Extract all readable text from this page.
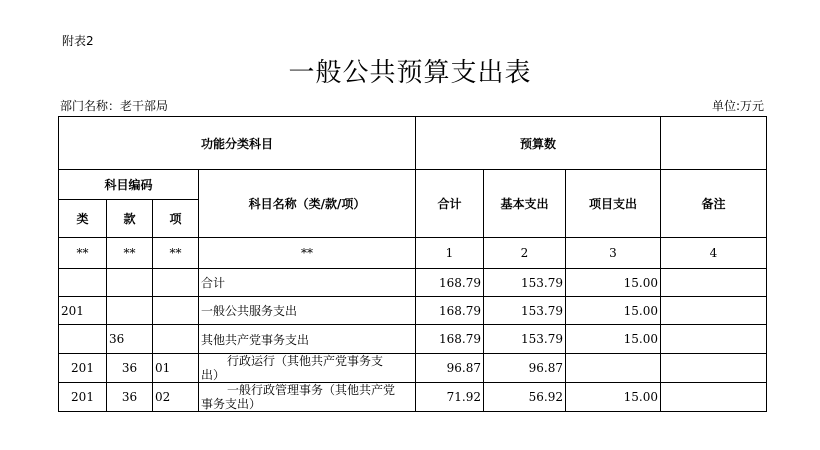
附表2
一般公共预算支出表
部门名称：老干部局	单位:万元
功能分类科目				预算数			
科目编码			科目名称（类/款/项）	合计	基本支出	项目支出	备注
类	款	项					
**	**	**	**	1	2	3	4
			合计	168.79	153.79	15.00	
201			一般公共服务支出	168.79	153.79	15.00	
	36		其他共产党事务支出	168.79	153.79	15.00	
201	36	01	行政运行（其他共产党事务支
出）	96.87	96.87		
201	36	02	一般行政管理事务（其他共产党
事务支出）	71.92	56.92	15.00	
